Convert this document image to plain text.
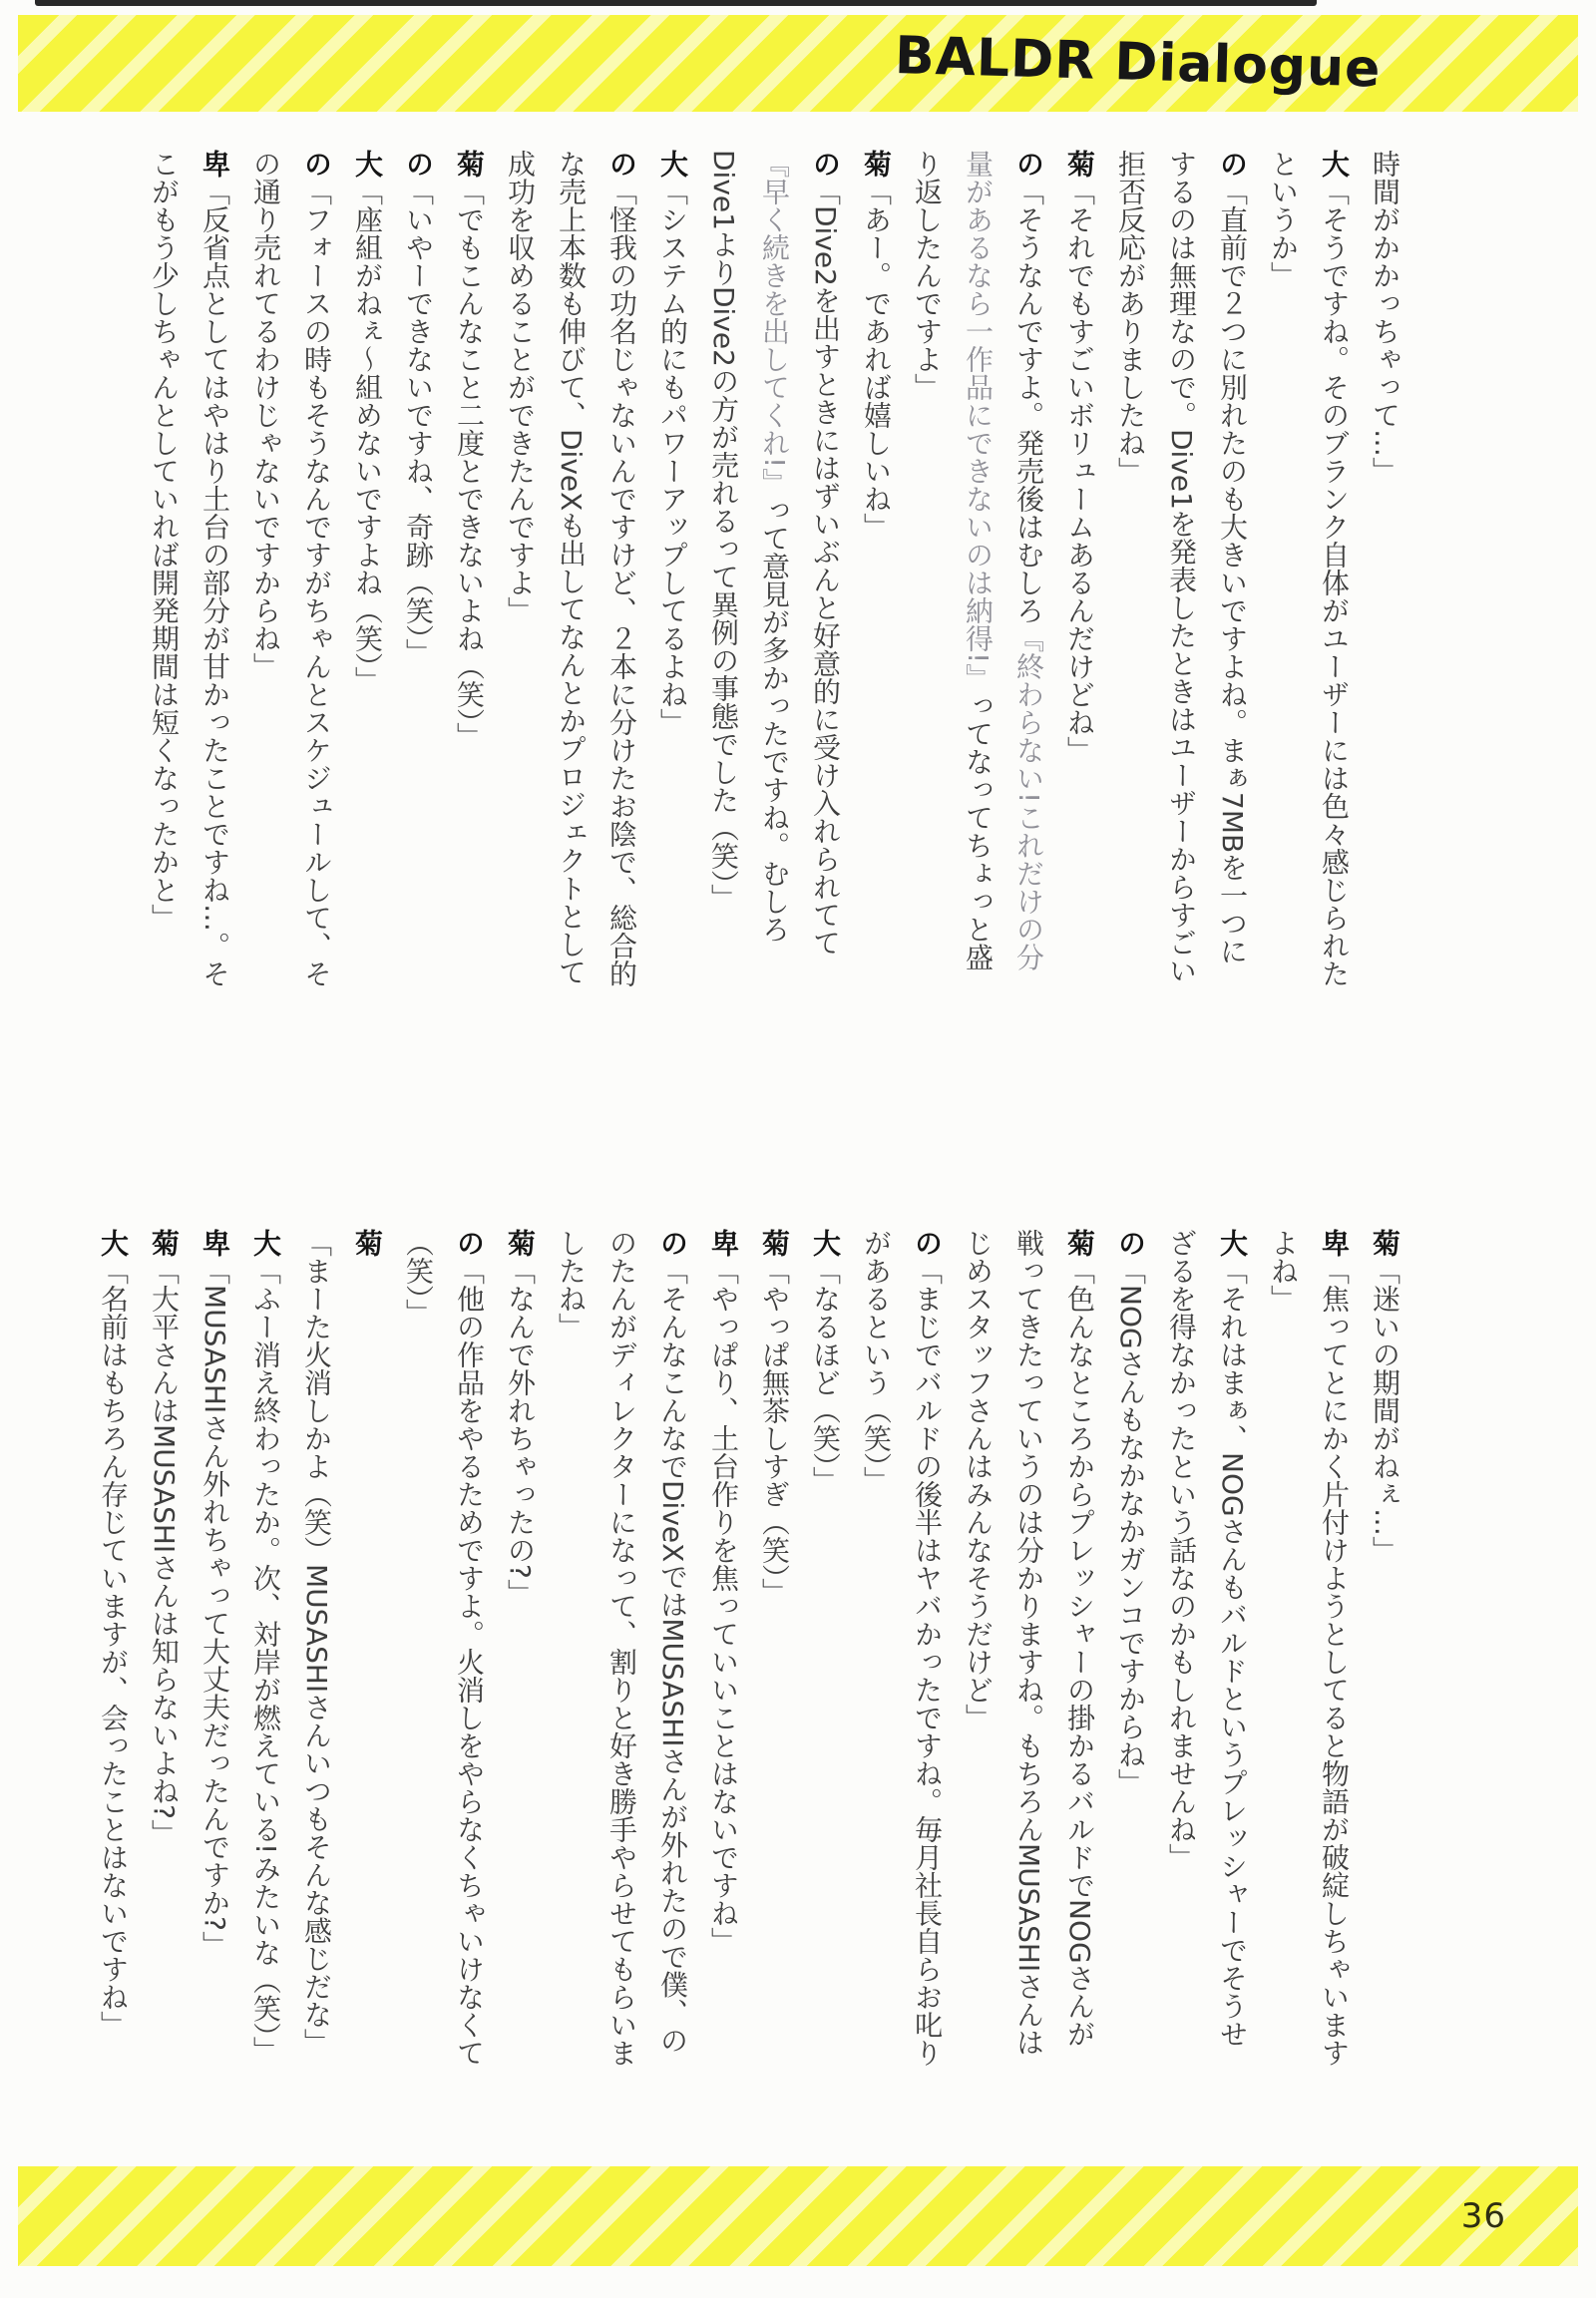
BALDR Dialogue

時間がかかっちゃって…」

大「そうですね。そのブランク自体がユーザーには色々感じられたというか」

の「直前で２つに別れたのも大きいですよね。まぁ7MBを一つにするのは無理なので。Dive1を発表したときはユーザーからすごい拒否反応がありましたね」

菊「それでもすごいボリュームあるんだけどね」

の「そうなんですよ。発売後はむしろ『終わらない!これだけの分量があるなら一作品にできないのは納得!』ってなってちょっと盛り返したんですよ」

菊「あー。であれば嬉しいね」

の「Dive2を出すときにはずいぶんと好意的に受け入れられてて『早く続きを出してくれ!』って意見が多かったですね。むしろDive1よりDive2の方が売れるって異例の事態でした（笑）」

大「システム的にもパワーアップしてるよね」

の「怪我の功名じゃないんですけど、２本に分けたお陰で、総合的な売上本数も伸びて、DiveXも出してなんとかプロジェクトとして成功を収めることができたんですよ」

菊「でもこんなこと二度とできないよね（笑）」

の「いやーできないですね、奇跡（笑）」

大「座組がねぇ〜組めないですよね（笑）」

の「フォースの時もそうなんですがちゃんとスケジュールして、その通り売れてるわけじゃないですからね」

卑「反省点としてはやはり土台の部分が甘かったことですね…。そこがもう少しちゃんとしていれば開発期間は短くなったかと」

菊「迷いの期間がねぇ…」

卑「焦ってとにかく片付けようとしてると物語が破綻しちゃいますよね」

大「それはまぁ、NOGさんもバルドというプレッシャーでそうせざるを得なかったという話なのかもしれませんね」

の「NOGさんもなかなかガンコですからね」

菊「色んなところからプレッシャーの掛かるバルドでNOGさんが戦ってきたっていうのは分かりますね。もちろんMUSASHIさんはじめスタッフさんはみんなそうだけど」

の「まじでバルドの後半はヤバかったですね。毎月社長自らお叱りがあるという（笑）」

大「なるほど（笑）」

菊「やっぱ無茶しすぎ（笑）」

卑「やっぱり、土台作りを焦っていいことはないですね」

の「そんなこんなでDiveXではMUSASHIさんが外れたので僕、ののたんがディレクターになって、割りと好き勝手やらせてもらいましたね」

菊「なんで外れちゃったの?」

の「他の作品をやるためですよ。火消しをやらなくちゃいけなくて（笑）」

菊「まーた火消しかよ（笑）MUSASHIさんいつもそんな感じだな」

大「ふー消え終わったか。次、対岸が燃えている!みたいな（笑）」

卑「MUSASHIさん外れちゃって大丈夫だったんですか?」

菊「大平さんはMUSASHIさんは知らないよね?」

大「名前はもちろん存じていますが、会ったことはないですね」

36
